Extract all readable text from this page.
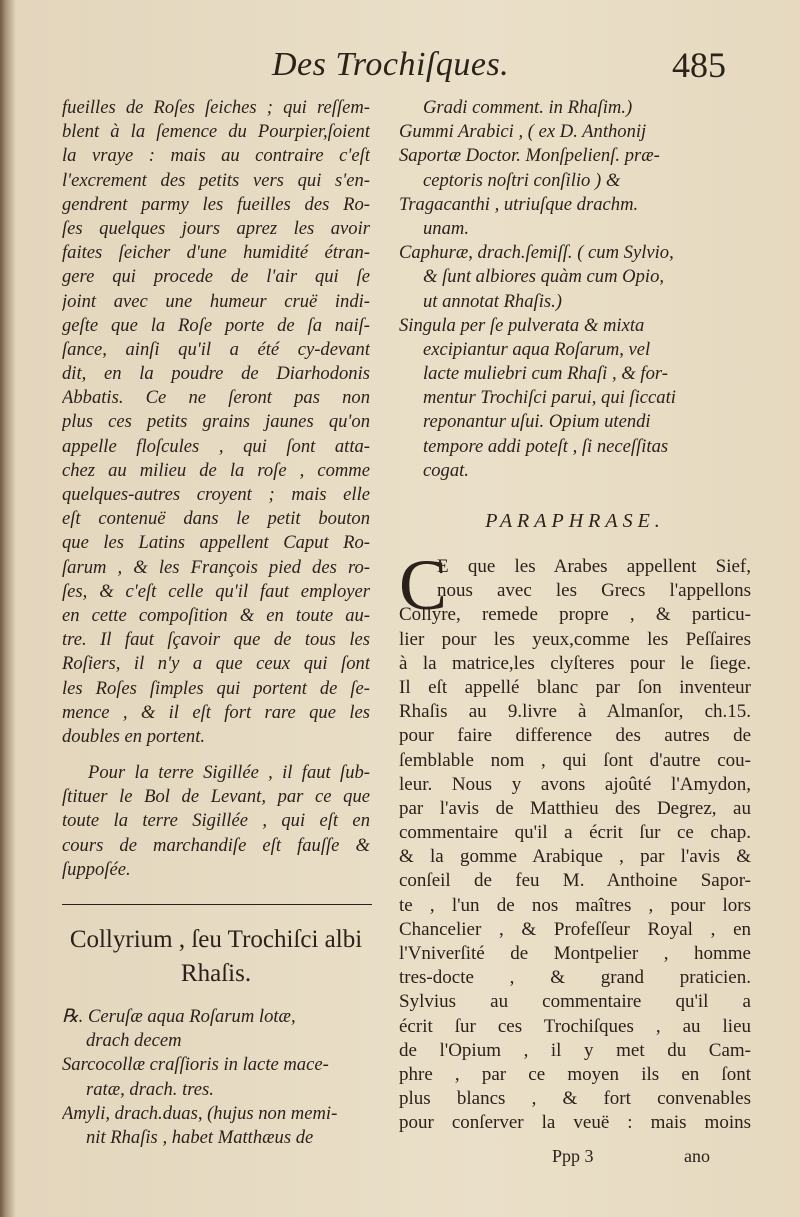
Des Trochiſques.	485
fueilles de Roſes ſeiches ; qui reſſem-
blent à la ſemence du Pourpier,ſoient
la vraye : mais au contraire c'eſt
l'excrement des petits vers qui s'en-
gendrent parmy les fueilles des Ro-
ſes quelques jours aprez les avoir
faites ſeicher d'une humidité étran-
gere qui procede de l'air qui ſe
joint avec une humeur cruë indi-
geſte que la Roſe porte de ſa naiſ-
ſance, ainſi qu'il a été cy-devant
dit, en la poudre de Diarhodonis
Abbatis. Ce ne ſeront pas non
plus ces petits grains jaunes qu'on
appelle floſcules , qui ſont atta-
chez au milieu de la roſe , comme
quelques-autres croyent ; mais elle
eſt contenuë dans le petit bouton
que les Latins appellent Caput Ro-
ſarum , & les François pied des ro-
ſes, & c'eſt celle qu'il faut employer
en cette compoſition & en toute au-
tre. Il faut ſçavoir que de tous les
Roſiers, il n'y a que ceux qui ſont
les Roſes ſimples qui portent de ſe-
mence , & il eſt fort rare que les
doubles en portent.
Pour la terre Sigillée , il faut ſub-
ſtituer le Bol de Levant, par ce que
toute la terre Sigillée , qui eſt en
cours de marchandiſe eſt fauſſe &
ſuppoſée.
Collyrium , ſeu Trochiſci albi
Rhaſis.
℞. Ceruſæ aqua Roſarum lotæ,
drach decem
Sarcocollæ craſſioris in lacte mace-
ratæ, drach. tres.
Amyli, drach.duas, (hujus non memi-
nit Rhaſis , habet Matthæus de
Gradi comment. in Rhaſim.)
Gummi Arabici , ( ex D. Anthonij
Saportæ Doctor. Monſpelienſ. præ-
ceptoris noſtri conſilio ) &
Tragacanthi , utriuſque drachm.
unam.
Caphuræ, drach.ſemiſſ. ( cum Sylvio,
& ſunt albiores quàm cum Opio,
ut annotat Rhaſis.)
Singula per ſe pulverata & mixta
excipiantur aqua Roſarum, vel
lacte muliebri cum Rhaſi , & for-
mentur Trochiſci parui, qui ſiccati
reponantur uſui. Opium utendi
tempore addi poteſt , ſi neceſſitas
cogat.
PARAPHRASE.
C
E que les Arabes appellent Sief,
nous avec les Grecs l'appellons
Collyre, remede propre , & particu-
lier pour les yeux,comme les Peſſaires
à la matrice,les clyſteres pour le ſiege.
Il eſt appellé blanc par ſon inventeur
Rhaſis au 9.livre à Almanſor, ch.15.
pour faire difference des autres de
ſemblable nom , qui ſont d'autre cou-
leur. Nous y avons ajoûté l'Amydon,
par l'avis de Matthieu des Degrez, au
commentaire qu'il a écrit ſur ce chap.
& la gomme Arabique , par l'avis &
conſeil de feu M. Anthoine Sapor-
te , l'un de nos maîtres , pour lors
Chancelier , & Profeſſeur Royal , en
l'Vniverſité de Montpelier , homme
tres-docte , & grand praticien.
Sylvius au commentaire qu'il a
écrit ſur ces Trochiſques , au lieu
de l'Opium , il y met du Cam-
phre , par ce moyen ils en ſont
plus blancs , & fort convenables
pour conſerver la veuë : mais moins
Ppp 3	ano
